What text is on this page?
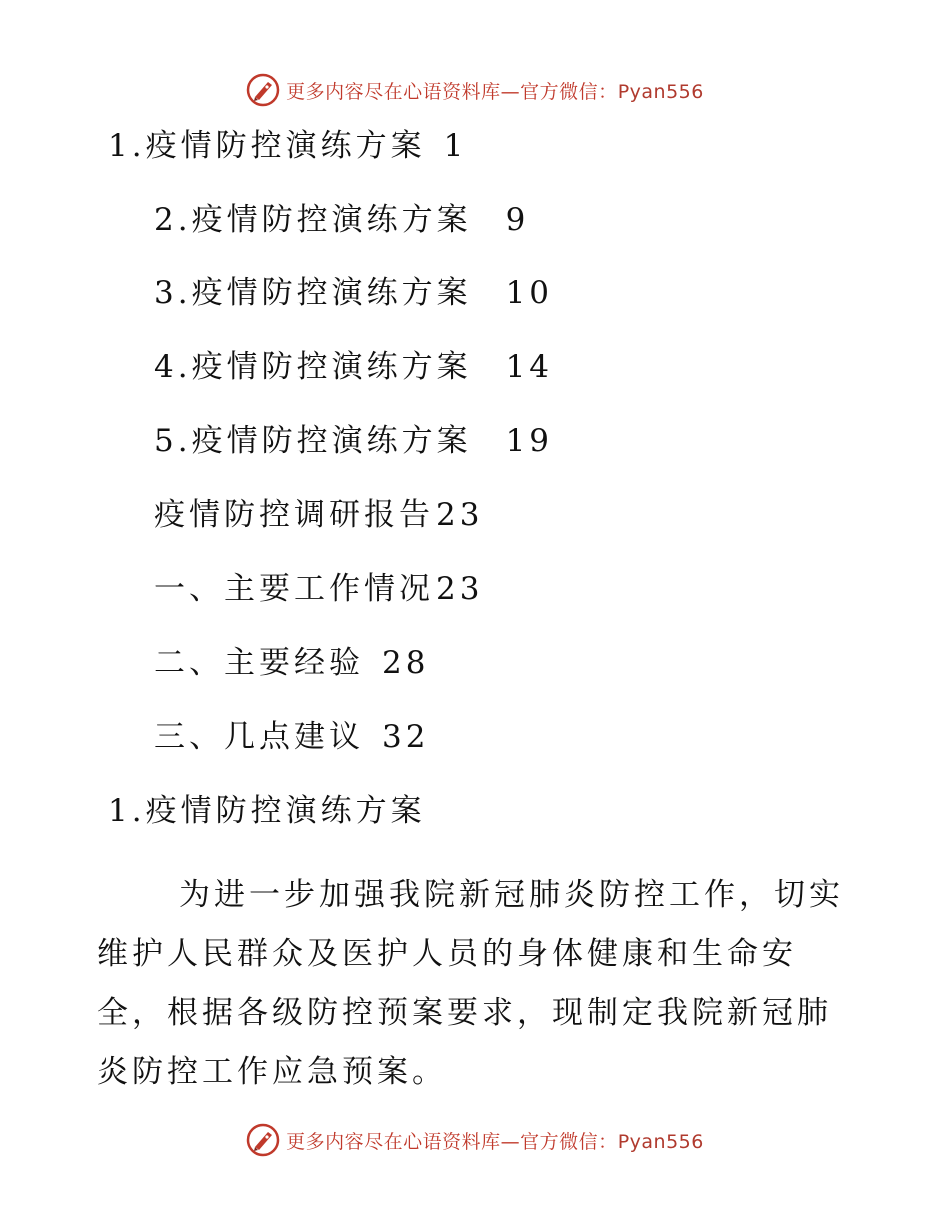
更多内容尽在心语资料库—官方微信：Pyan556
1.疫情防控演练方案 1
2.疫情防控演练方案 9
3.疫情防控演练方案 10
4.疫情防控演练方案 14
5.疫情防控演练方案 19
疫情防控调研报告23
一、主要工作情况23
二、主要经验 28
三、几点建议 32
1.疫情防控演练方案
为进一步加强我院新冠肺炎防控工作，切实维护人民群众及医护人员的身体健康和生命安全，根据各级防控预案要求，现制定我院新冠肺炎防控工作应急预案。
更多内容尽在心语资料库—官方微信：Pyan556
